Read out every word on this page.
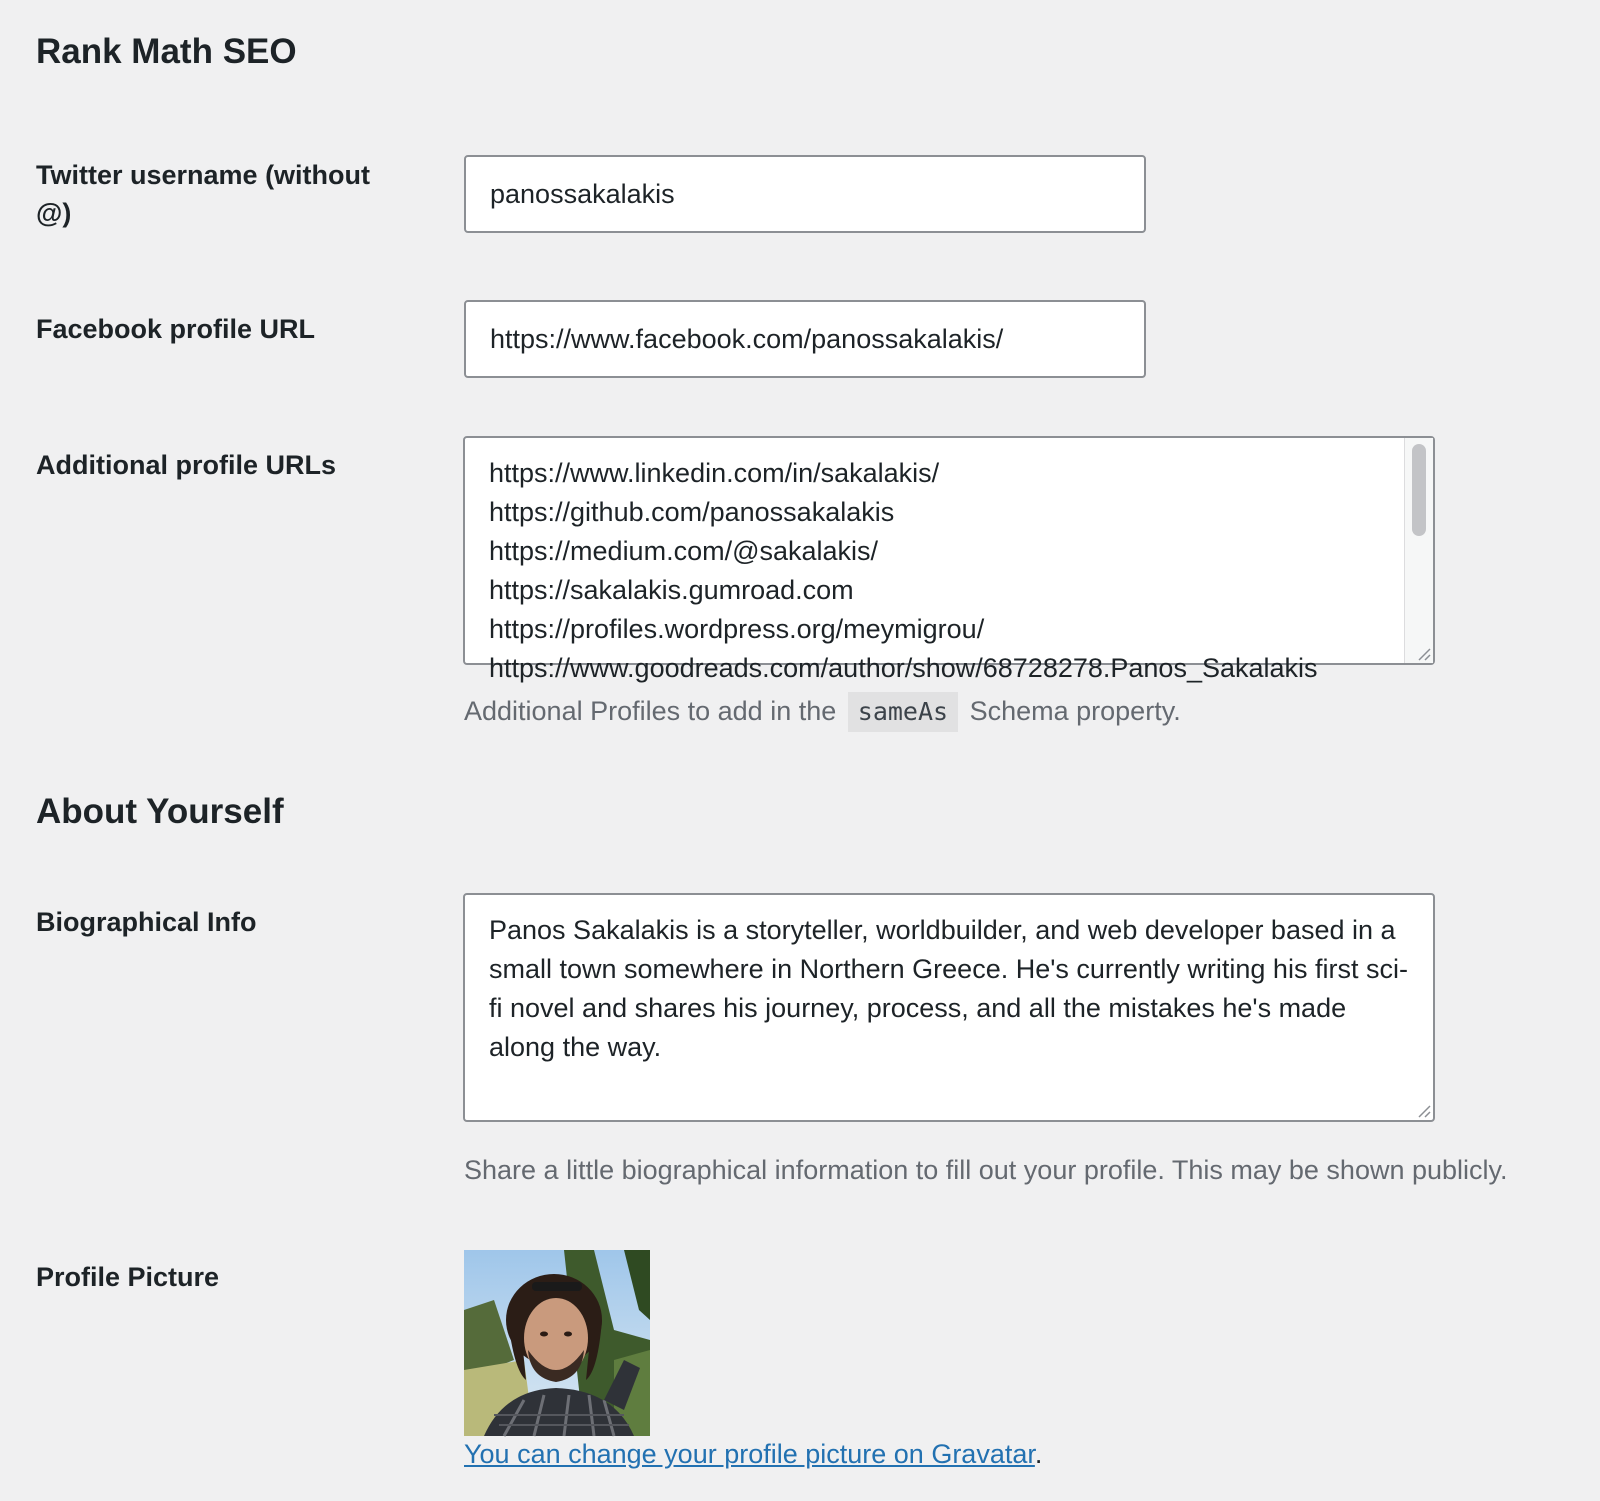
Rank Math SEO
Twitter username (without @)
panossakalakis
Facebook profile URL
https://www.facebook.com/panossakalakis/
Additional profile URLs	https://www.linkedin.com/in/sakalakis/
https://github.com/panossakalakis
https://medium.com/@sakalakis/
https://sakalakis.gumroad.com
https://profiles.wordpress.org/meymigrou/
https://www.goodreads.com/author/show/68728278.Panos_Sakalakis

Additional Profiles to add in the sameAs Schema property.

About Yourself
Biographical Info	Panos Sakalakis is a storyteller, worldbuilder, and web developer based in a small town somewhere in Northern Greece. He's currently writing his first sci-fi novel and shares his journey, process, and all the mistakes he's made along the way.

Share a little biographical information to fill out your profile. This may be shown publicly.

Profile Picture

You can change your profile picture on Gravatar.
